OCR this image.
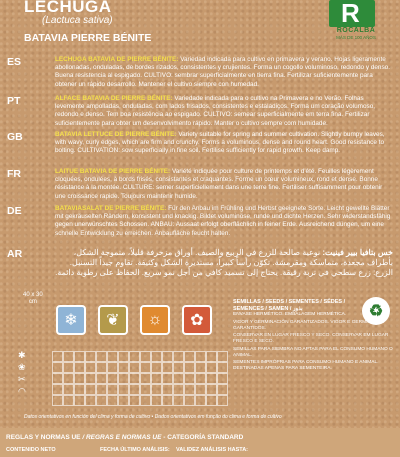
LECHUGA
(Lactuca sativa)
BATAVIA PIERRE BÉNITE
R
ROCALBA
MÁS DE 100 AÑOS
ES	LECHUGA BATAVIA DE PIERRE BÉNITE: Variedad indicada para cultivo en primavera y verano. Hojas ligeramente abollonadas, onduladas, de bordes rizados, consistentes y crujientes. Forma un cogollo voluminoso, redondo y denso. Buena resistencia al espigado. CULTIVO: sembrar superficialmente en tierra fina. Fertilizar suficientemente para obtener un rápido desarrollo. Mantener el cultivo siempre con humedad.
PT	ALFACE BATAVIA DE PIERRE BÉNITE: Variedade indicada para o cultivo na Primavera e no Verão. Folhas levemente ampolladas, onduladas, com lados frisados, consistentes e estaladiços. Forma um coração volumoso, redondo e denso. Tem boa resistência ao espigado. CULTIVO: semear superficialmente em terra fina. Fertilizar suficientemente para obter um desenvolvimento rápido. Manter o cultivo sempre com humidade.
GB	BATAVIA LETTUCE DE PIERRE BÉNITE: Variety suitable for spring and summer cultivation. Slightly bumpy leaves, with wavy, curly edges, which are firm and crunchy. Forms a voluminous, dense and round heart. Good resistance to bolting. CULTIVATION: sow superficially in fine soil. Fertilise sufficiently for rapid growth. Keep damp.
FR	LAITUE BATAVIA DE PIERRE BÉNITE: Variété indiquée pour culture de printemps et d'été. Feuilles légèrement cloquées, ondulées, à bords frisés, consistantes et craquantes. Forme un cœur volumineux, rond et dense. Bonne résistance à la montée. CULTURE: semer superficiellement dans une terre fine. Fertiliser suffisamment pour obtenir une croissance rapide. Toujours maintenir humide.
DE	BATAVIASALAT DE PIERRE BÉNITE: Für den Anbau im Frühling und Herbst geeignete Sorte. Leicht gewellte Blätter mit gekräuselten Rändern, konsistent und knackig. Bildet voluminöse, runde und dichte Herzen. Sehr widerstandsfähig gegen unerwünschtes Schossen. ANBAU: Aussaat erfolgt oberflächlich in feiner Erde. Ausreichend düngen, um eine schnelle Entwicklung zu erreichen. Anbaufläche feucht halten.
AR	خس بتافيا بيير فينيت: نوعية صالحة للزرع في الربيع والصيف. أوراق مزخرفة قليلاً، متموجة الشكل، بأطراف مجعدة، متماسكة ومقرمشة. تكوّن رأساً كبيراً، مستديرة الشكل وكثيفة. تقاوم جيداً التسنبل. الزرع: زرع سطحي في تربة رقيقة. يحتاج إلى تسميد كافي من أجل نمو سريع. الحفاظ على رطوبة دائمة.
40 x 30
cm
❄	❦	☼	✿

✱
❀
✂
◠
SEMILLAS / SEEDS / SEMENTES / SÉDES / SEMENCES / SAMEN / بذور	♻
ENVASE HERMÉTICO. EMBALAGEM HERMÉTICA.
VIGOR Y GERMINACIÓN GARANTIZADOS. VIGOR E GERMINAÇÃO GARANTIDOS.
CONSERVAR EN LUGAR FRESCO Y SECO. CONSERVAR EM LUGAR FRESCO E SECO.
SEMILLAS PARA SIEMBRA NO APTAS PARA EL CONSUMO HUMANO O ANIMAL.
SEMENTES IMPRÓPRIAS PARA CONSUMO HUMANO E ANIMAL. DESTINADAS APENAS PARA SEMENTEIRA.
Datos orientativos en función del clima y forma de cultivo • Dados orientativos em função do clima e forma de cultivo
REGLAS Y NORMAS UE / REGRAS E NORMAS UE - CATEGORÍA STANDARD
CONTENIDO NETO	FECHA ÚLTIMO ANÁLISIS: VALIDEZ ANÁLISIS HASTA:
